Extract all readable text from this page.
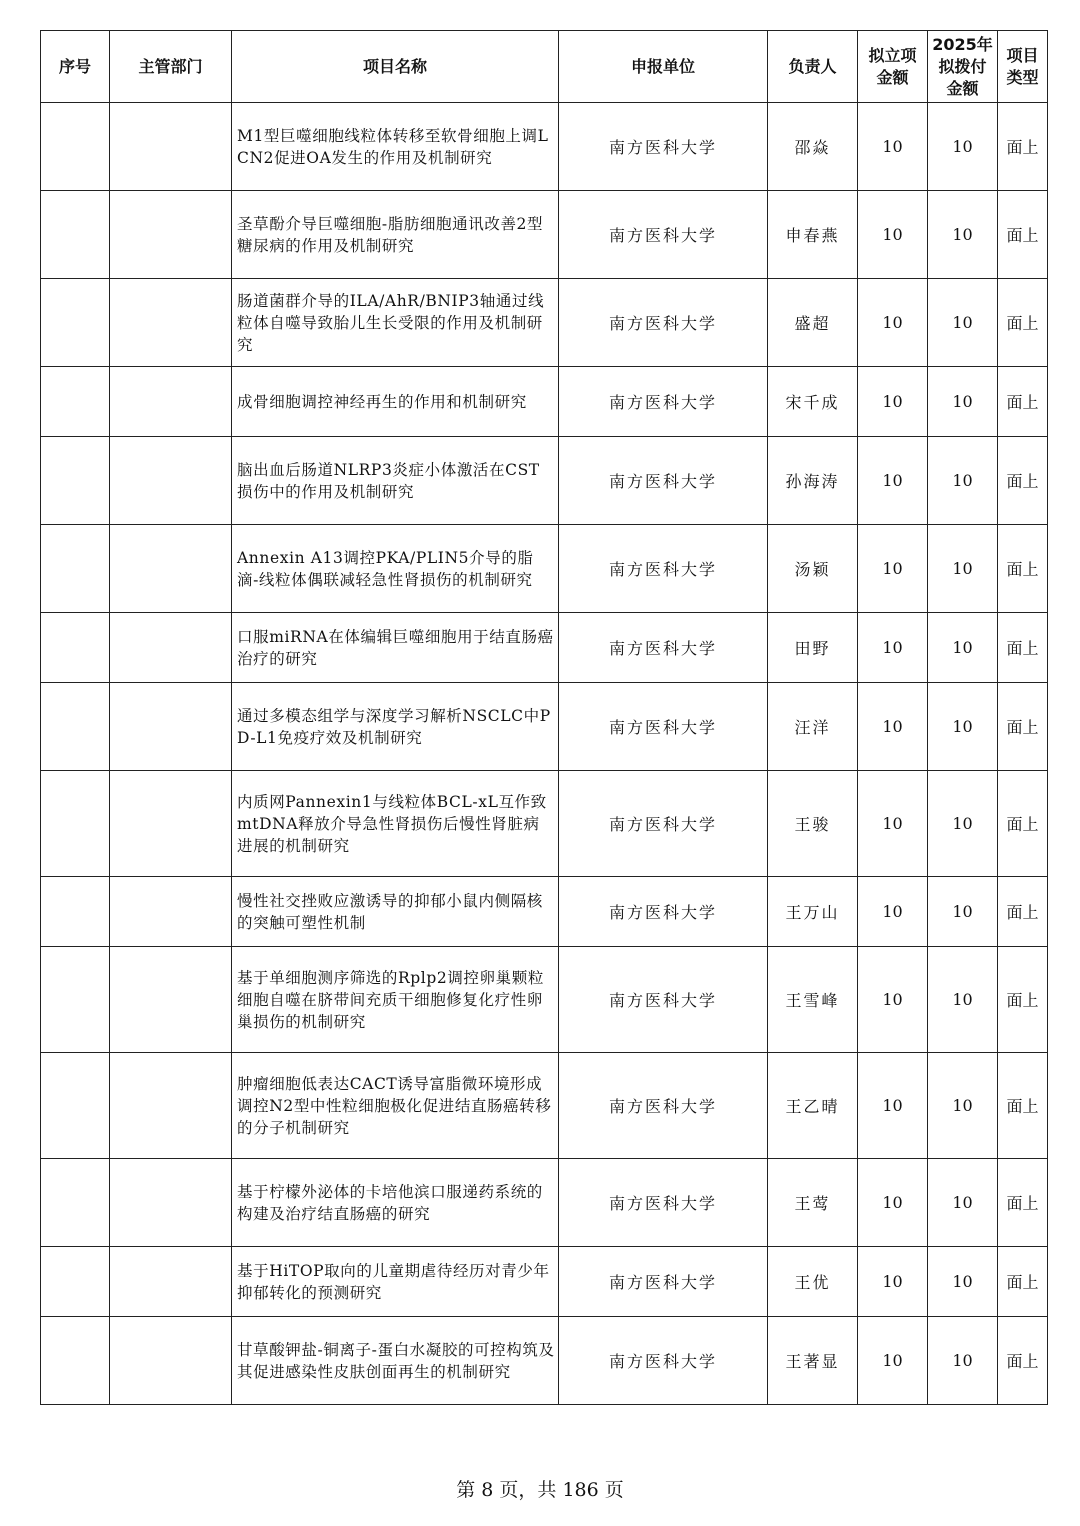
序号	主管部门	项目名称	申报单位	负责人	拟立项金额	2025年拟拨付金额	项目类型
		M1型巨噬细胞线粒体转移至软骨细胞上调LCN2促进OA发生的作用及机制研究	南方医科大学	邵焱	10	10	面上
		圣草酚介导巨噬细胞-脂肪细胞通讯改善2型糖尿病的作用及机制研究	南方医科大学	申春燕	10	10	面上
		肠道菌群介导的ILA/AhR/BNIP3轴通过线粒体自噬导致胎儿生长受限的作用及机制研究	南方医科大学	盛超	10	10	面上
		成骨细胞调控神经再生的作用和机制研究	南方医科大学	宋千成	10	10	面上
		脑出血后肠道NLRP3炎症小体激活在CST损伤中的作用及机制研究	南方医科大学	孙海涛	10	10	面上
		Annexin A13调控PKA/PLIN5介导的脂滴-线粒体偶联减轻急性肾损伤的机制研究	南方医科大学	汤颖	10	10	面上
		口服miRNA在体编辑巨噬细胞用于结直肠癌治疗的研究	南方医科大学	田野	10	10	面上
		通过多模态组学与深度学习解析NSCLC中PD-L1免疫疗效及机制研究	南方医科大学	汪洋	10	10	面上
		内质网Pannexin1与线粒体BCL-xL互作致mtDNA释放介导急性肾损伤后慢性肾脏病进展的机制研究	南方医科大学	王骏	10	10	面上
		慢性社交挫败应激诱导的抑郁小鼠内侧隔核的突触可塑性机制	南方医科大学	王万山	10	10	面上
		基于单细胞测序筛选的Rplp2调控卵巢颗粒细胞自噬在脐带间充质干细胞修复化疗性卵巢损伤的机制研究	南方医科大学	王雪峰	10	10	面上
		肿瘤细胞低表达CACT诱导富脂微环境形成调控N2型中性粒细胞极化促进结直肠癌转移的分子机制研究	南方医科大学	王乙晴	10	10	面上
		基于柠檬外泌体的卡培他滨口服递药系统的构建及治疗结直肠癌的研究	南方医科大学	王莺	10	10	面上
		基于HiTOP取向的儿童期虐待经历对青少年抑郁转化的预测研究	南方医科大学	王优	10	10	面上
		甘草酸钾盐-铜离子-蛋白水凝胶的可控构筑及其促进感染性皮肤创面再生的机制研究	南方医科大学	王著显	10	10	面上
第 8 页，共 186 页
